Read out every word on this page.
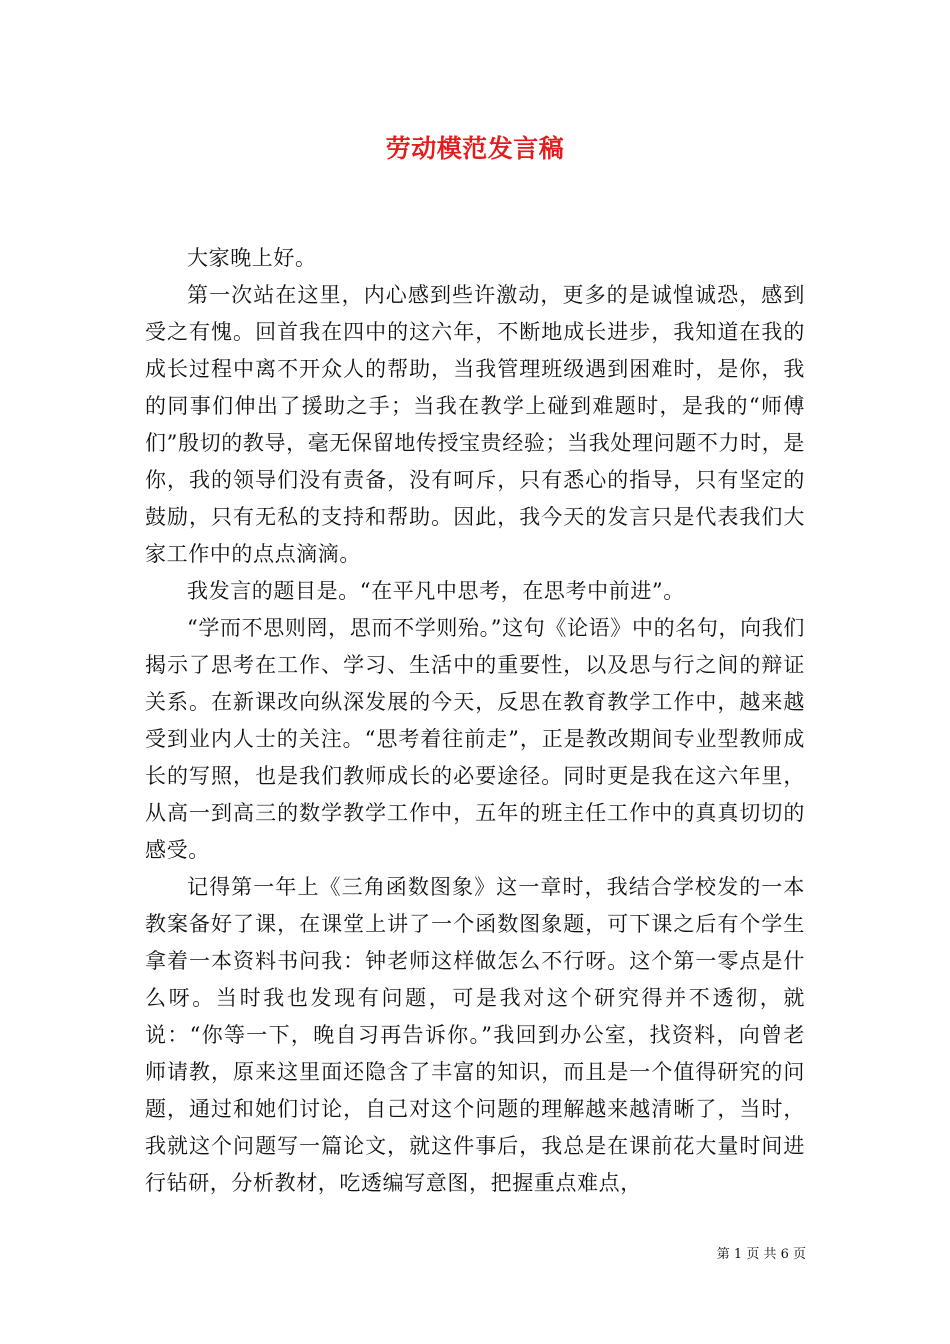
劳动模范发言稿

大家晚上好。

第一次站在这里，内心感到些许激动，更多的是诚惶诚恐，感到受之有愧。回首我在四中的这六年，不断地成长进步，我知道在我的成长过程中离不开众人的帮助，当我管理班级遇到困难时，是你，我的同事们伸出了援助之手；当我在教学上碰到难题时，是我的“师傅们”殷切的教导，毫无保留地传授宝贵经验；当我处理问题不力时，是你，我的领导们没有责备，没有呵斥，只有悉心的指导，只有坚定的鼓励，只有无私的支持和帮助。因此，我今天的发言只是代表我们大家工作中的点点滴滴。

我发言的题目是。“在平凡中思考，在思考中前进”。

“学而不思则罔，思而不学则殆。”这句《论语》中的名句，向我们揭示了思考在工作、学习、生活中的重要性，以及思与行之间的辩证关系。在新课改向纵深发展的今天，反思在教育教学工作中，越来越受到业内人士的关注。“思考着往前走”，正是教改期间专业型教师成长的写照，也是我们教师成长的必要途径。同时更是我在这六年里，从高一到高三的数学教学工作中，五年的班主任工作中的真真切切的感受。

记得第一年上《三角函数图象》这一章时，我结合学校发的一本教案备好了课，在课堂上讲了一个函数图象题，可下课之后有个学生拿着一本资料书问我：钟老师这样做怎么不行呀。这个第一零点是什么呀。当时我也发现有问题，可是我对这个研究得并不透彻，就说：“你等一下，晚自习再告诉你。”我回到办公室，找资料，向曾老师请教，原来这里面还隐含了丰富的知识，而且是一个值得研究的问题，通过和她们讨论，自己对这个问题的理解越来越清晰了，当时，我就这个问题写一篇论文，就这件事后，我总是在课前花大量时间进行钻研，分析教材，吃透编写意图，把握重点难点，

第 1 页 共 6 页
